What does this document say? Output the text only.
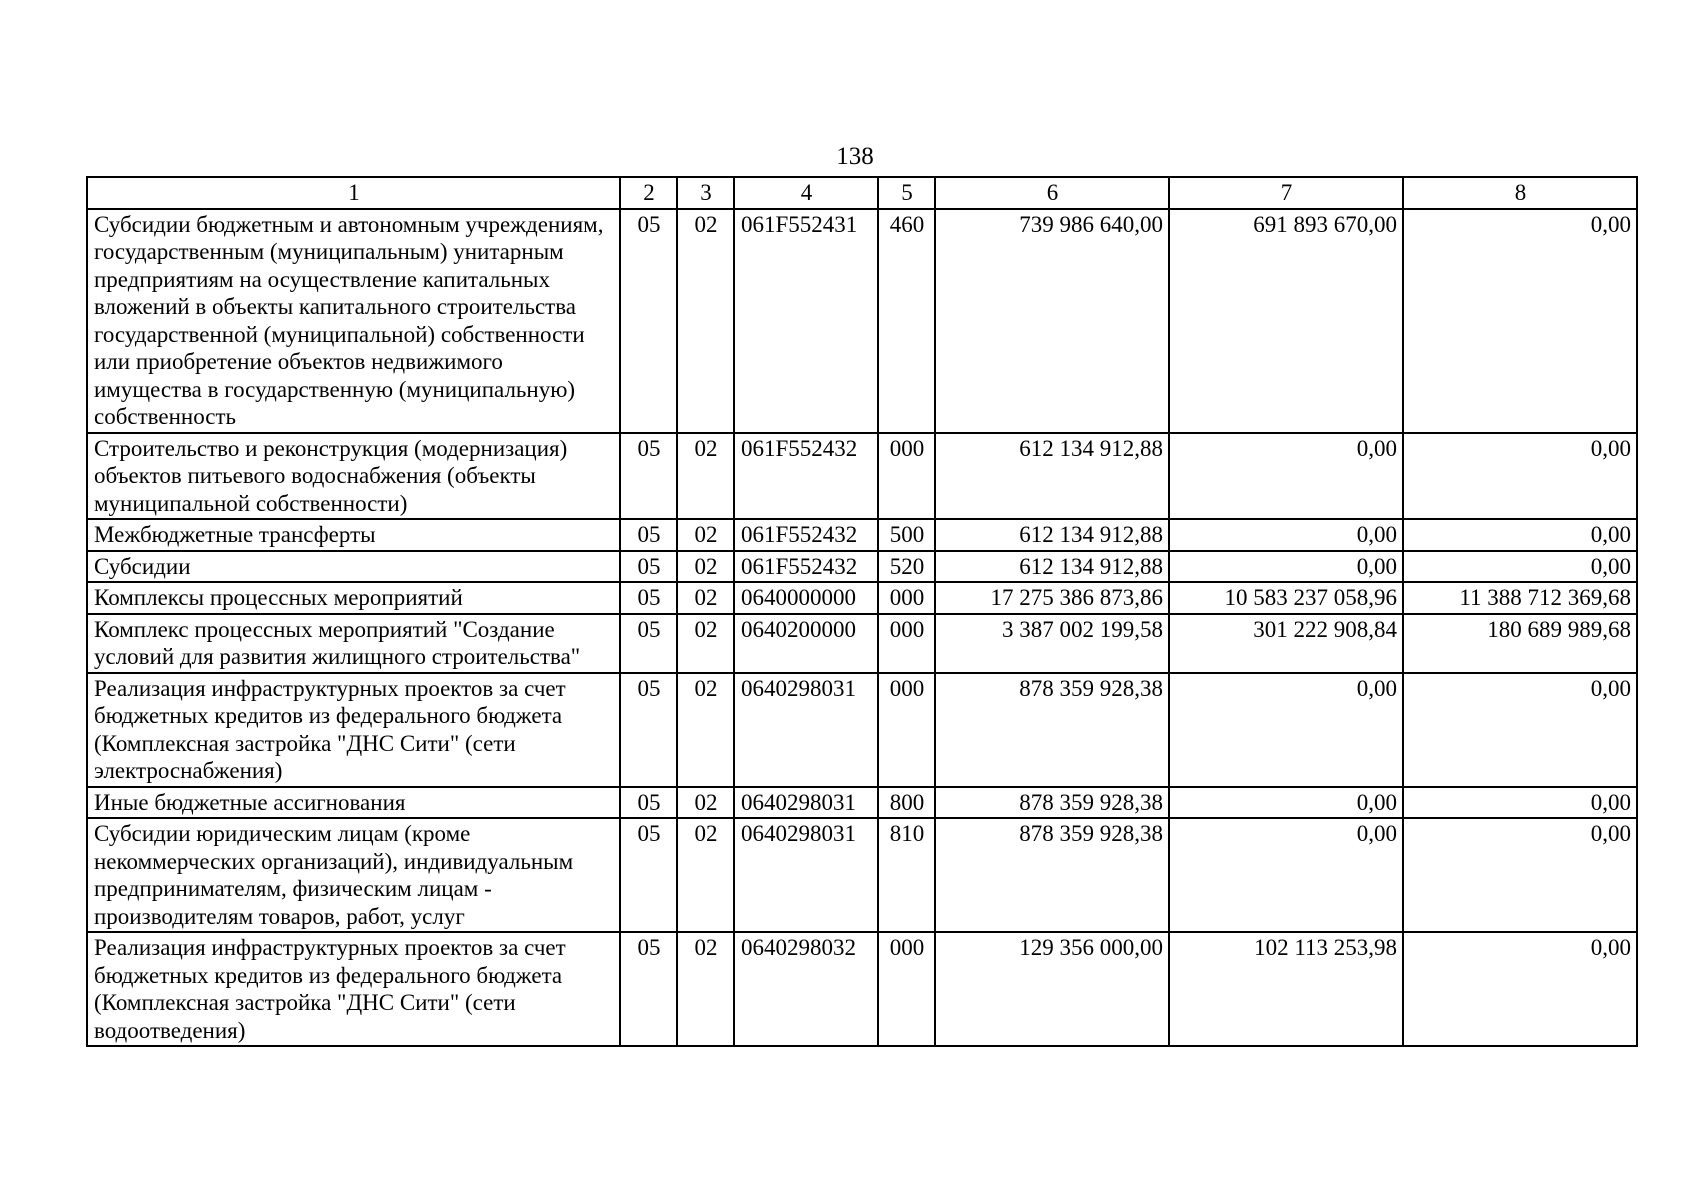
138
1	2	3	4	5	6	7	8
Субсидии бюджетным и автономным учреждениям, государственным (муниципальным) унитарным предприятиям на осуществление капитальных вложений в объекты капитального строительства государственной (муниципальной) собственности или приобретение объектов недвижимого имущества в государственную (муниципальную) собственность	05	02	061F552431	460	739 986 640,00	691 893 670,00	0,00
Строительство и реконструкция (модернизация) объектов питьевого водоснабжения (объекты муниципальной собственности)	05	02	061F552432	000	612 134 912,88	0,00	0,00
Межбюджетные трансферты	05	02	061F552432	500	612 134 912,88	0,00	0,00
Субсидии	05	02	061F552432	520	612 134 912,88	0,00	0,00
Комплексы процессных мероприятий	05	02	0640000000	000	17 275 386 873,86	10 583 237 058,96	11 388 712 369,68
Комплекс процессных мероприятий "Создание условий для развития жилищного строительства"	05	02	0640200000	000	3 387 002 199,58	301 222 908,84	180 689 989,68
Реализация инфраструктурных проектов за счет бюджетных кредитов из федерального бюджета (Комплексная застройка "ДНС Сити" (сети электроснабжения)	05	02	0640298031	000	878 359 928,38	0,00	0,00
Иные бюджетные ассигнования	05	02	0640298031	800	878 359 928,38	0,00	0,00
Субсидии юридическим лицам (кроме некоммерческих организаций), индивидуальным предпринимателям, физическим лицам - производителям товаров, работ, услуг	05	02	0640298031	810	878 359 928,38	0,00	0,00
Реализация инфраструктурных проектов за счет бюджетных кредитов из федерального бюджета (Комплексная застройка "ДНС Сити" (сети водоотведения)	05	02	0640298032	000	129 356 000,00	102 113 253,98	0,00
